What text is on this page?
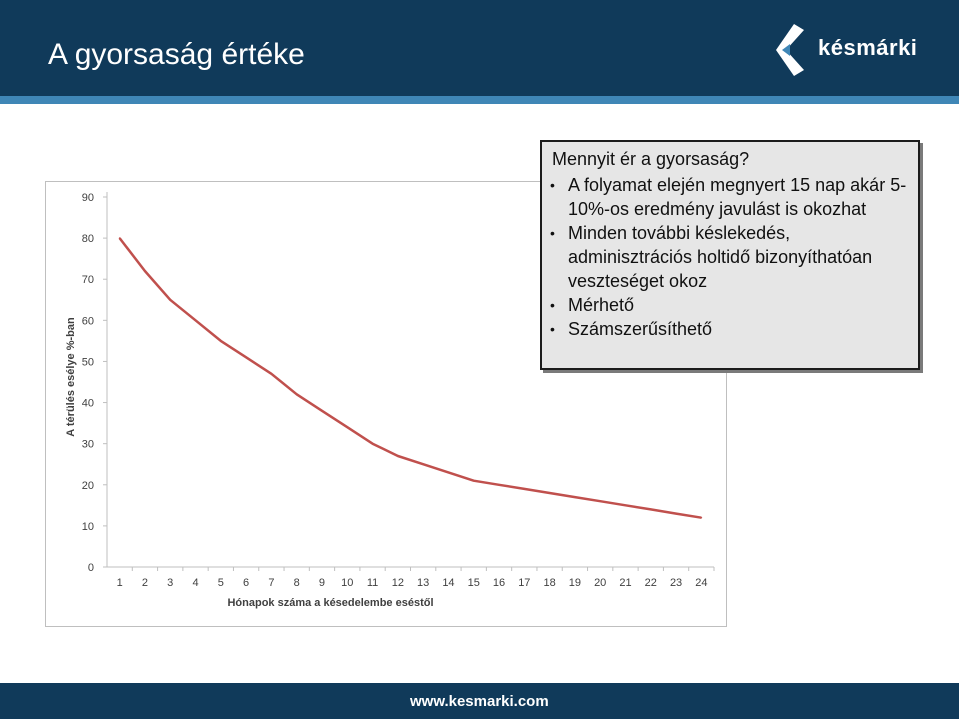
A gyorsaság értéke	késmárki
0
10
20
30
40
50
60
70
80
90
1 2 3 4 5 6 7 8 9 10 11 12 13 14 15 16 17 18 19 20 21 22 23 24
Hónapok száma a késedelembe eséstől
A térülés esélye %-ban
Mennyit ér a gyorsaság?
• A folyamat elején megnyert 15 nap akár 5-10%-os eredmény javulást is okozhat
• Minden további késlekedés, adminisztrációs holtidő bizonyíthatóan veszteséget okoz
• Mérhető
• Számszerűsíthető
www.kesmarki.com
